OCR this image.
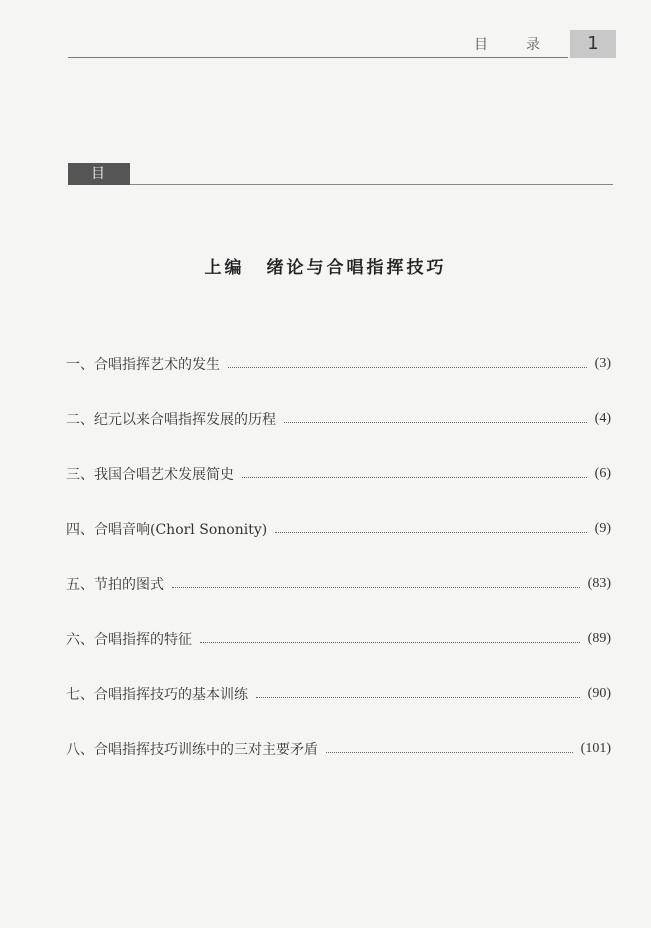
目　录	1
目 录
上编 绪论与合唱指挥技巧
一、合唱指挥艺术的发生	(3)
二、纪元以来合唱指挥发展的历程	(4)
三、我国合唱艺术发展简史	(6)
四、合唱音响(Chorl Sononity)	(9)
五、节拍的图式	(83)
六、合唱指挥的特征	(89)
七、合唱指挥技巧的基本训练	(90)
八、合唱指挥技巧训练中的三对主要矛盾	(101)
